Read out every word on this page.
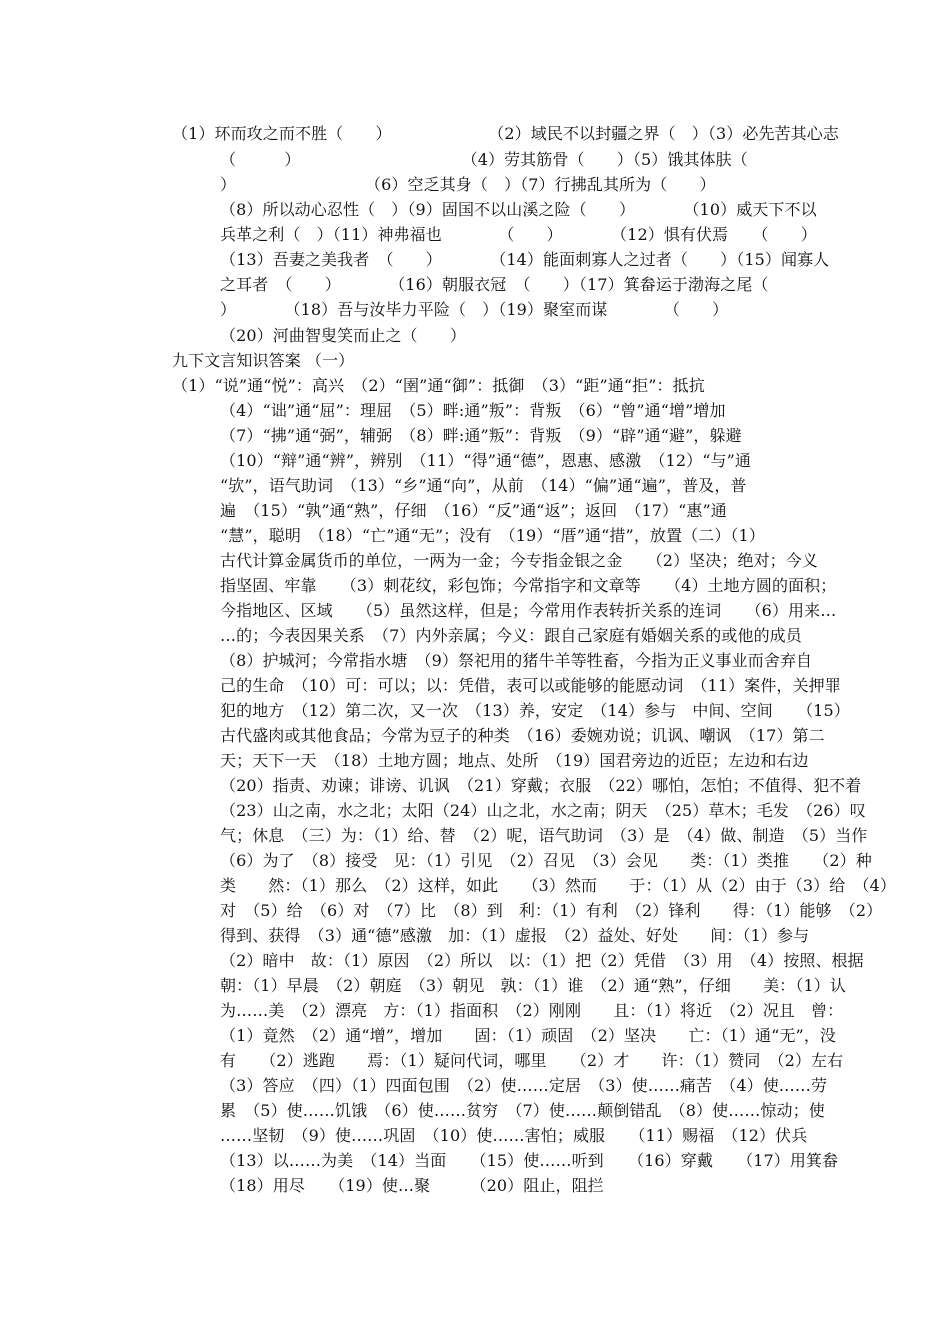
（1）环而攻之而不胜（　　）　　　　　　　（2）域民不以封疆之界（　）（3）必先苦其心志
（　　　）　　　　　　　　　　　（4）劳其筋骨（　　）（5）饿其体肤（
）　　　　　　　　　（6）空乏其身（　）（7）行拂乱其所为（　　）
（8）所以动心忍性（　）（9）固国不以山溪之险（　　）　　　　（10）威天下不以
兵革之利（　）（11）神弗福也　　　　（　　）　　　　（12）惧有伏焉　　（　　）
（13）吾妻之美我者　（　　）　　　　（14）能面刺寡人之过者（　　）（15）闻寡人
之耳者　（　　）　　　　（16）朝服衣冠　（　　）（17）箕畚运于渤海之尾（
）　　　　（18）吾与汝毕力平险（　）（19）聚室而谋　　　　（　　）
（20）河曲智叟笑而止之（　　）
九下文言知识答案 （一）
（1）“说”通“悦”：高兴　（2）“圉”通“御”：抵御　（3）“距”通“拒”：抵抗
（4）“诎”通“屈”：理屈　（5）畔:通”叛”：背叛　（6）“曾”通“增”增加
（7）“拂”通“弼”，辅弼　（8）畔:通”叛”：背叛　（9）“辟”通“避”，躲避
（10）“辩”通“辨”，辨别　（11）“得”通“德”，恩惠、感激　（12）“与”通
“欤”，语气助词　（13）“乡”通“向”，从前　（14）“偏”通“遍”，普及，普
遍　（15）“孰”通“熟”，仔细　（16）“反”通“返”；返回　（17）“惠”通
“慧”，聪明　（18）“亡”通“无”；没有　（19）“厝”通“措”，放置（二）（1）
古代计算金属货币的单位，一两为一金；今专指金银之金　　（2）坚决；绝对；今义
指坚固、牢靠　　（3）刺花纹，彩包饰；今常指字和文章等　　（4）土地方圆的面积；
今指地区、区域　　（5）虽然这样，但是；今常用作表转折关系的连词　　（6）用来…
…的；今表因果关系　（7）内外亲属；今义：跟自己家庭有婚姻关系的或他的成员
（8）护城河；今常指水塘　（9）祭祀用的猪牛羊等牲畜，今指为正义事业而舍弃自
己的生命　（10）可：可以；以：凭借，表可以或能够的能愿动词　（11）案件，关押罪
犯的地方　（12）第二次，又一次　（13）养，安定　（14）参与　中间、空间　　（15）
古代盛肉或其他食品；今常为豆子的种类　（16）委婉劝说；讥讽、嘲讽　（17）第二
天；天下一天　（18）土地方圆；地点、处所　（19）国君旁边的近臣；左边和右边
（20）指责、劝谏；诽谤、讥讽　（21）穿戴；衣服　（22）哪怕，怎怕；不值得、犯不着
（23）山之南，水之北；太阳（24）山之北，水之南；阴天　（25）草木；毛发　（26）叹
气；休息　（三）为：（1）给、替　（2）呢，语气助词　（3）是　（4）做、制造　（5）当作
（6）为了　（8）接受　见：（1）引见　（2）召见　（3）会见　　类：（1）类推　　（2）种
类　　然：（1）那么　（2）这样，如此　　（3）然而　　于：（1）从（2）由于（3）给　（4）
对　（5）给　（6）对　（7）比　（8）到　利：（1）有利　（2）锋利　　得：（1）能够　（2）
得到、获得　（3）通“德”感激　加：（1）虚报　（2）益处、好处　　间：（1）参与
（2）暗中　故：（1）原因　（2）所以　以：（1）把（2）凭借　（3）用　（4）按照、根据
朝：（1）早晨　（2）朝庭　（3）朝见　孰：（1）谁　（2）通“熟”，仔细　　美：（1）认
为……美　（2）漂亮　方：（1）指面积　（2）刚刚　　且：（1）将近　（2）况且　曾：
（1）竟然　（2）通“增”，增加　　固：（1）顽固　（2）坚决　　亡：（1）通“无”，没
有　　（2）逃跑　　焉：（1）疑问代词，哪里　　（2）才　　许：（1）赞同　（2）左右
（3）答应　（四）（1）四面包围　（2）使……定居　（3）使……痛苦　（4）使……劳
累　（5）使……饥饿　（6）使……贫穷　（7）使……颠倒错乱　（8）使……惊动；使
……坚韧　（9）使……巩固　（10）使……害怕；威服　　（11）赐福　（12）伏兵
（13）以……为美　（14）当面　　（15）使……听到　　（16）穿戴　　（17）用箕畚
（18）用尽　　（19）使…聚　　　（20）阻止，阻拦
